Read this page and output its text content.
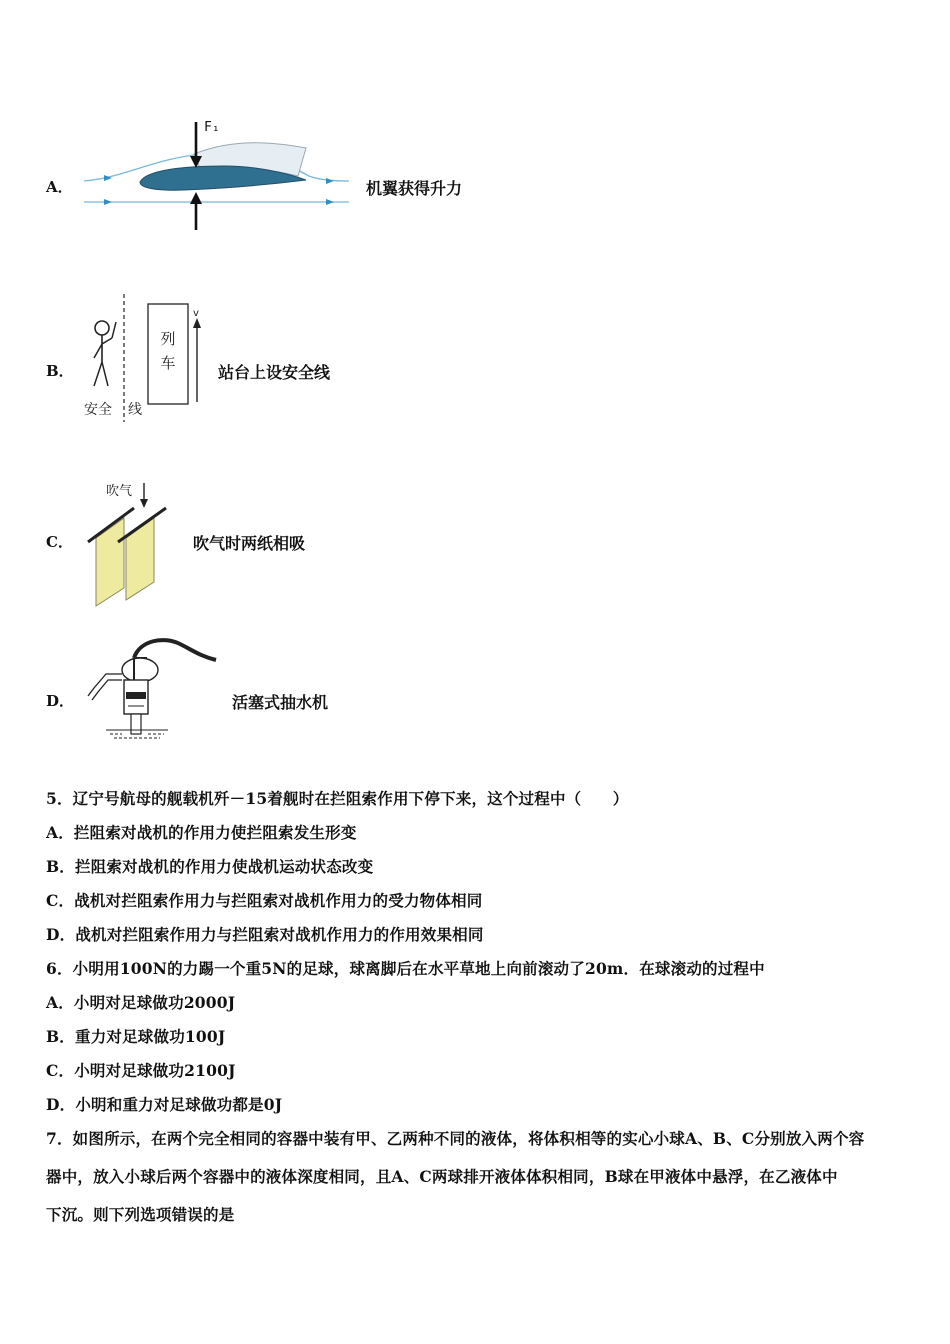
A．
F₁
机翼获得升力
B．
列
车
v
安全 线
站台上设安全线
C．
吹气
吹气时两纸相吸
D．	活塞式抽水机
5．辽宁号航母的舰载机歼－15着舰时在拦阻索作用下停下来，这个过程中（　　）
A．拦阻索对战机的作用力使拦阻索发生形变
B．拦阻索对战机的作用力使战机运动状态改变
C．战机对拦阻索作用力与拦阻索对战机作用力的受力物体相同
D．战机对拦阻索作用力与拦阻索对战机作用力的作用效果相同
6．小明用100N的力踢一个重5N的足球，球离脚后在水平草地上向前滚动了20m．在球滚动的过程中
A．小明对足球做功2000J
B．重力对足球做功100J
C．小明对足球做功2100J
D．小明和重力对足球做功都是0J
7．如图所示，在两个完全相同的容器中装有甲、乙两种不同的液体，将体积相等的实心小球A、B、C分别放入两个容
器中，放入小球后两个容器中的液体深度相同，且A、C两球排开液体体积相同，B球在甲液体中悬浮，在乙液体中
下沉。则下列选项错误的是
